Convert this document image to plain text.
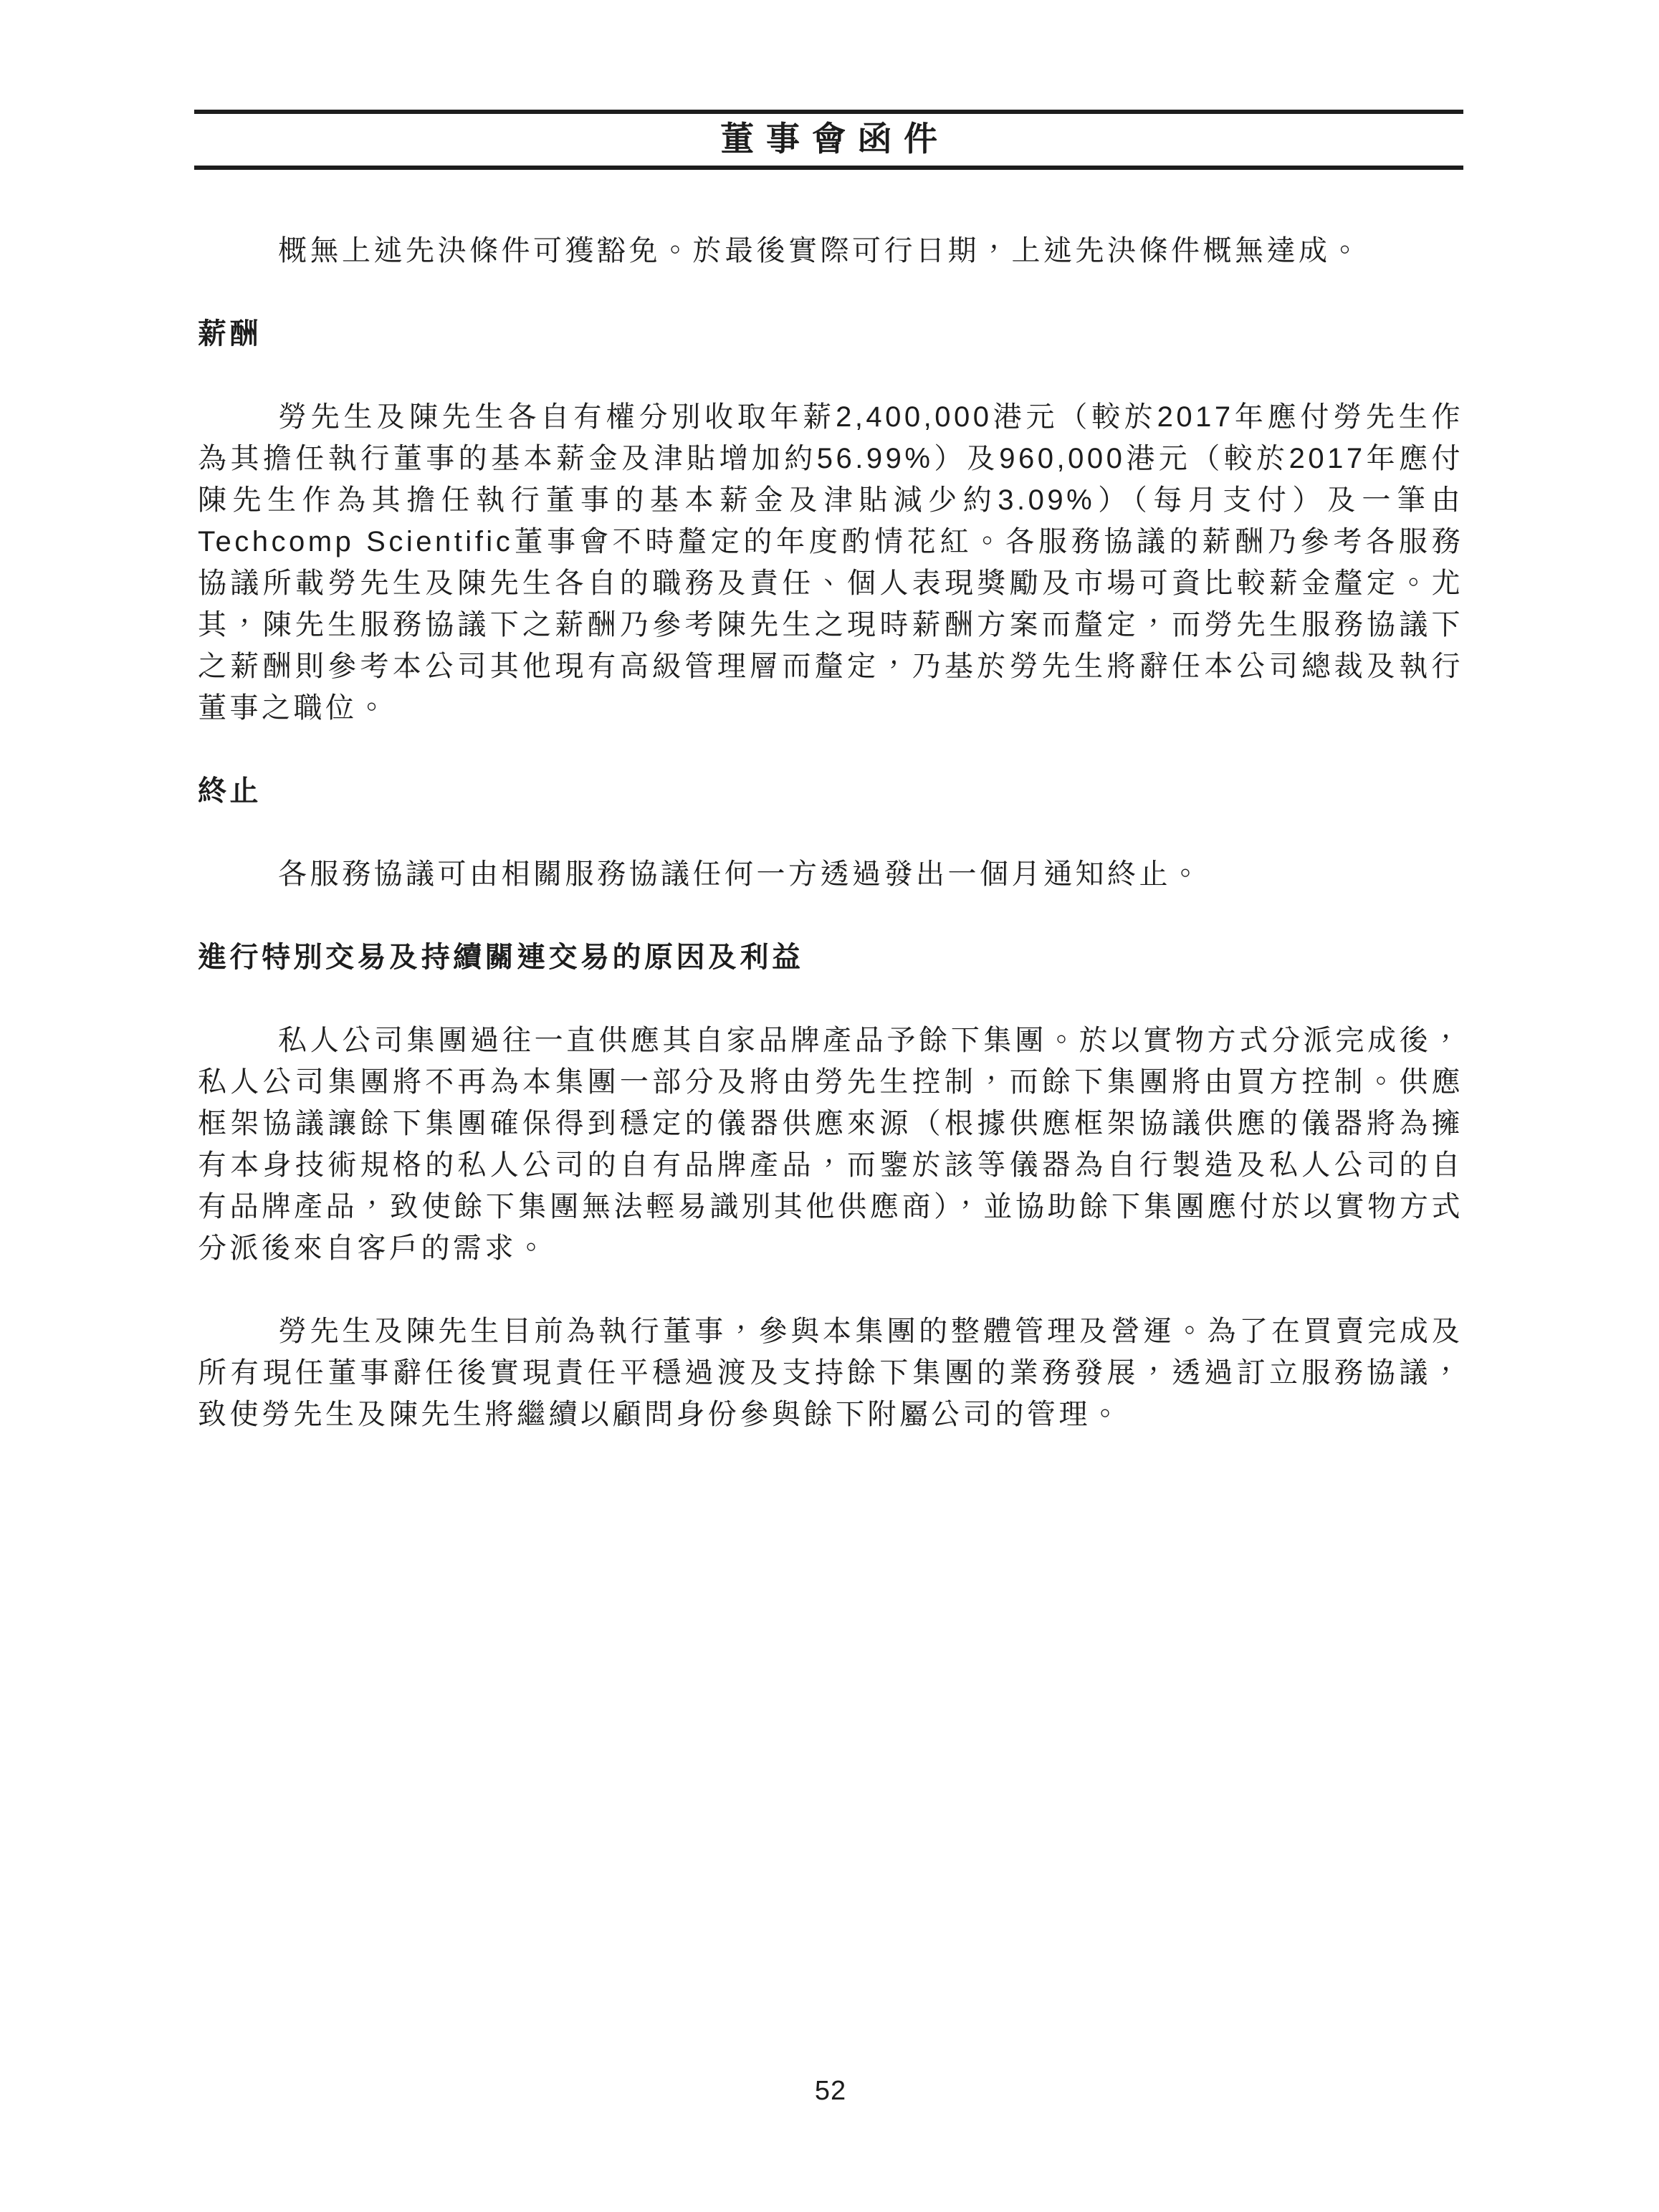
董事會函件

概無上述先決條件可獲豁免。於最後實際可行日期，上述先決條件概無達成。

薪酬

勞先生及陳先生各自有權分別收取年薪2,400,000港元（較於2017年應付勞先生作為其擔任執行董事的基本薪金及津貼增加約56.99%）及960,000港元（較於2017年應付陳先生作為其擔任執行董事的基本薪金及津貼減少約3.09%）（每月支付）及一筆由Techcomp Scientific董事會不時釐定的年度酌情花紅。各服務協議的薪酬乃參考各服務協議所載勞先生及陳先生各自的職務及責任、個人表現獎勵及市場可資比較薪金釐定。尤其，陳先生服務協議下之薪酬乃參考陳先生之現時薪酬方案而釐定，而勞先生服務協議下之薪酬則參考本公司其他現有高級管理層而釐定，乃基於勞先生將辭任本公司總裁及執行董事之職位。

終止

各服務協議可由相關服務協議任何一方透過發出一個月通知終止。

進行特別交易及持續關連交易的原因及利益

私人公司集團過往一直供應其自家品牌產品予餘下集團。於以實物方式分派完成後，私人公司集團將不再為本集團一部分及將由勞先生控制，而餘下集團將由買方控制。供應框架協議讓餘下集團確保得到穩定的儀器供應來源（根據供應框架協議供應的儀器將為擁有本身技術規格的私人公司的自有品牌產品，而鑒於該等儀器為自行製造及私人公司的自有品牌產品，致使餘下集團無法輕易識別其他供應商），並協助餘下集團應付於以實物方式分派後來自客戶的需求。

勞先生及陳先生目前為執行董事，參與本集團的整體管理及營運。為了在買賣完成及所有現任董事辭任後實現責任平穩過渡及支持餘下集團的業務發展，透過訂立服務協議，致使勞先生及陳先生將繼續以顧問身份參與餘下附屬公司的管理。

52
